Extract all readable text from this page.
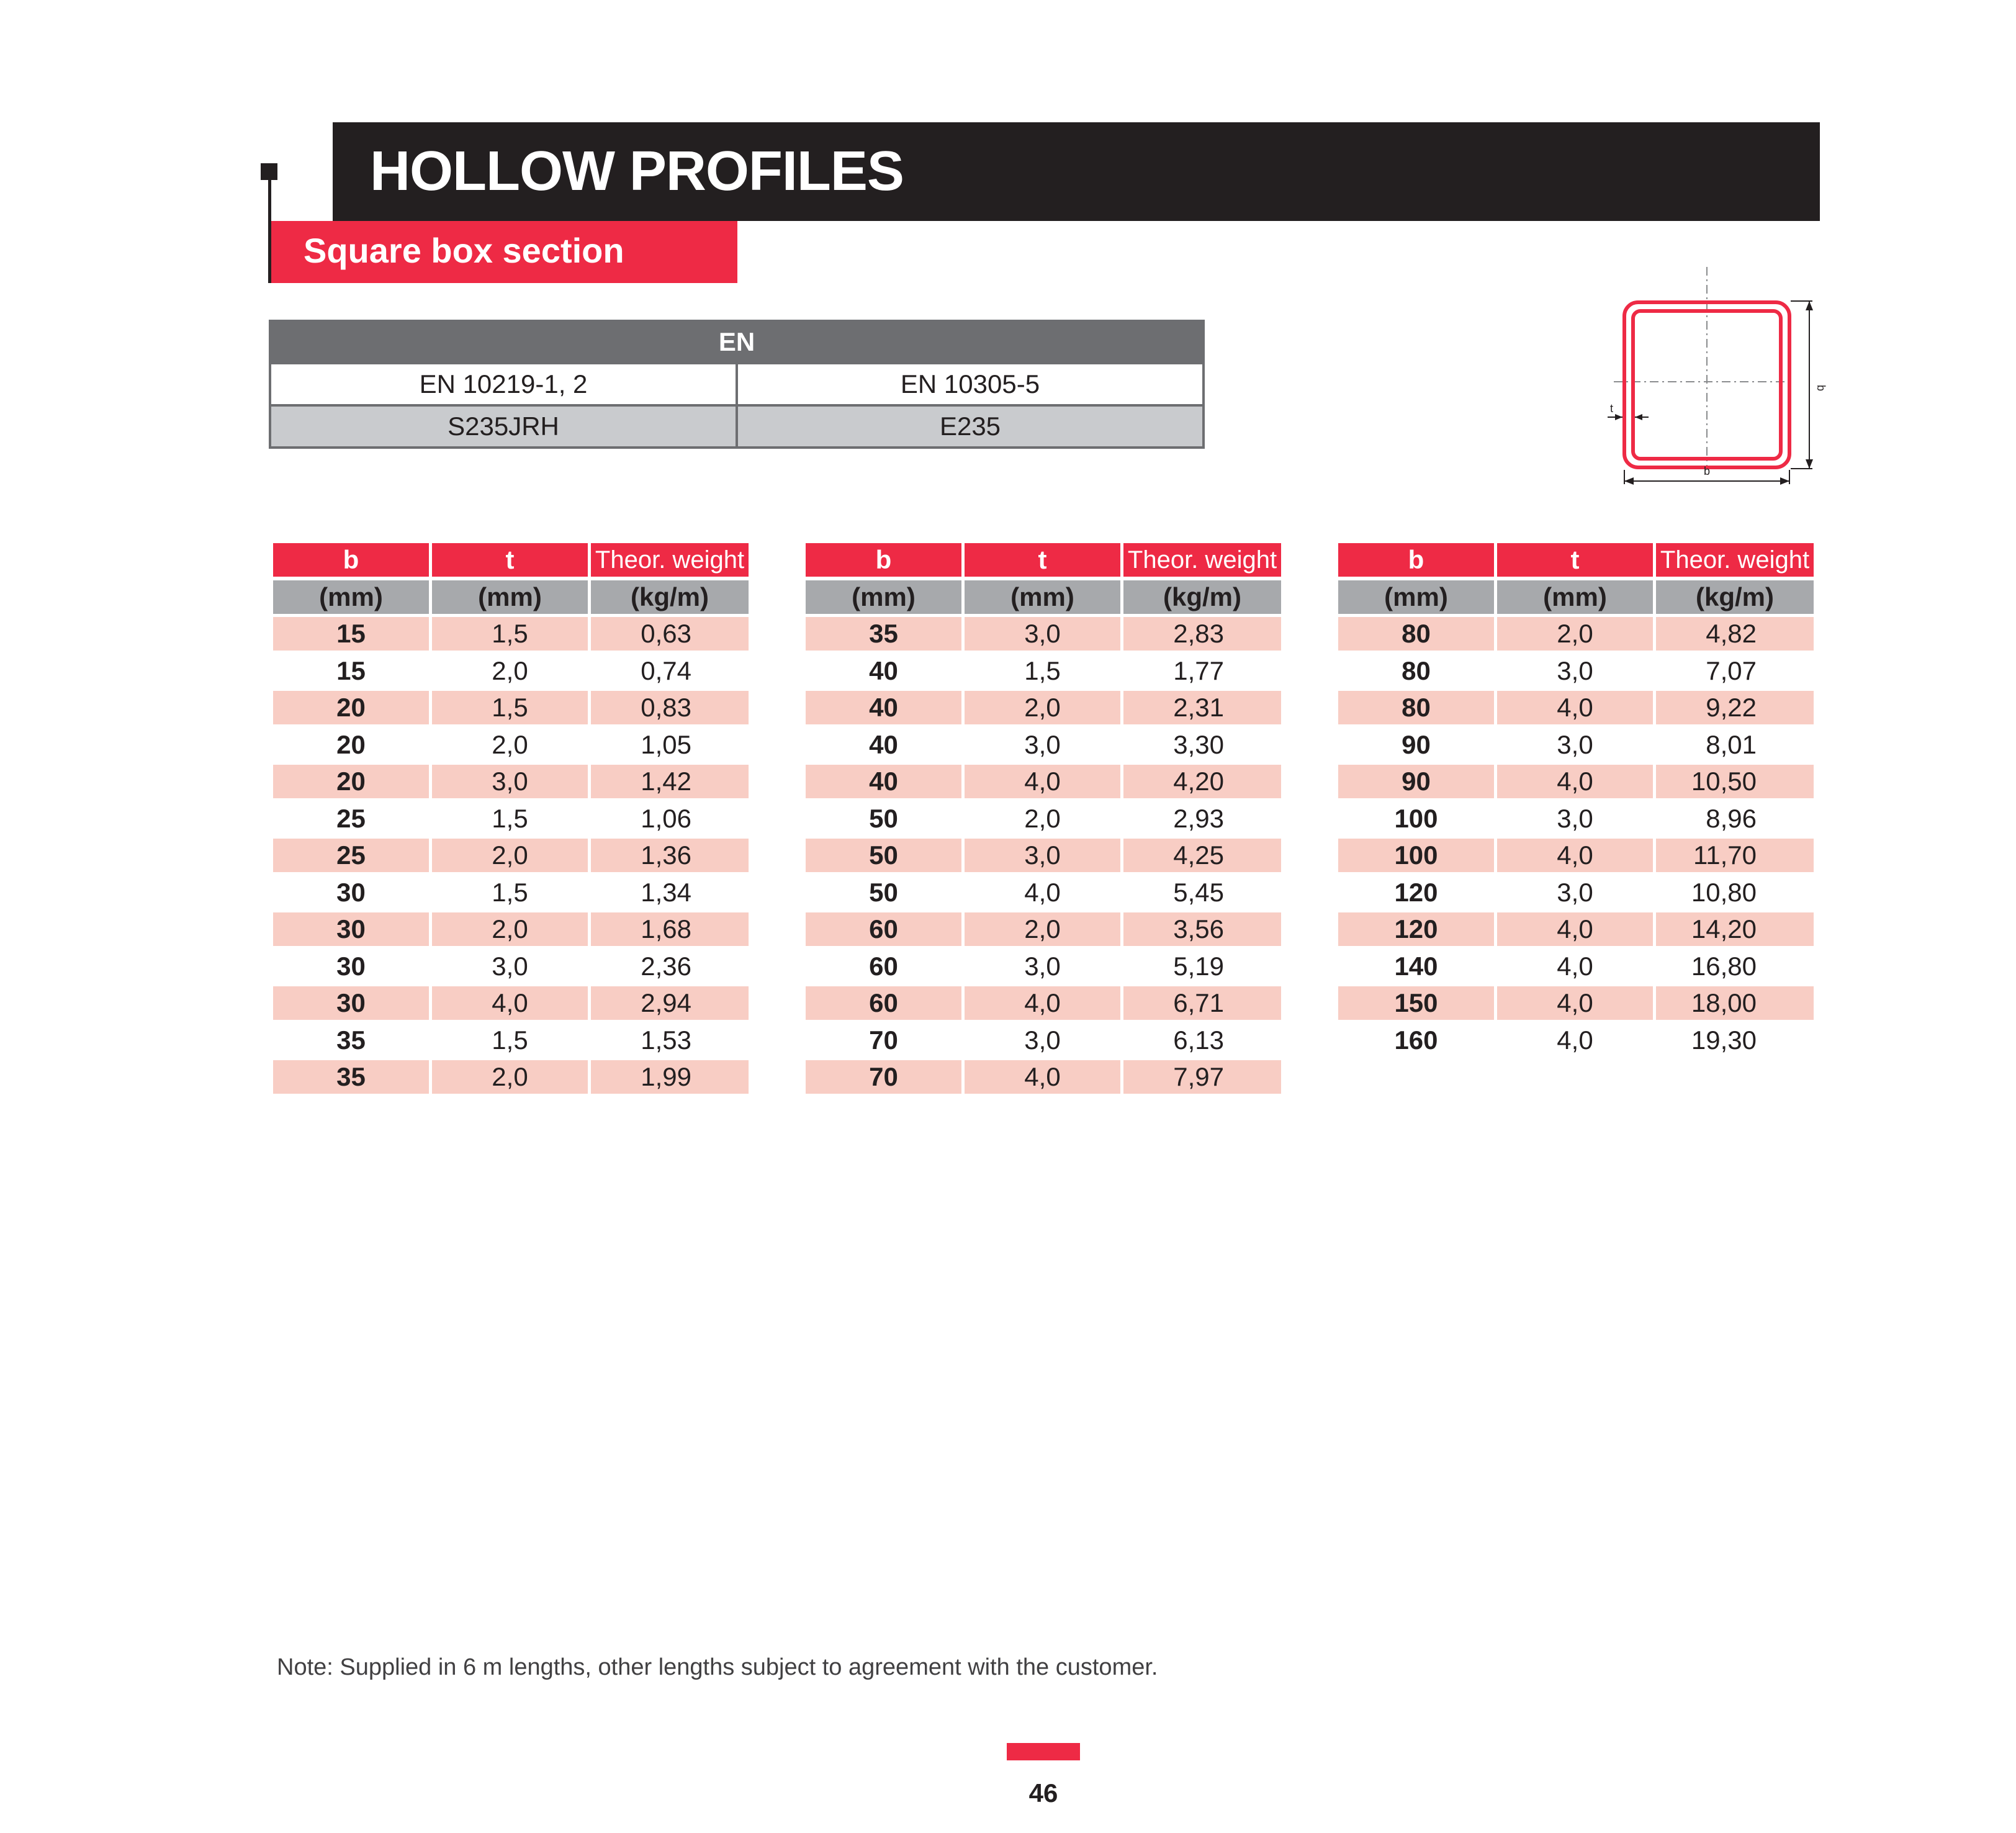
HOLLOW PROFILES
Square box section
EN
EN 10219-1, 2	EN 10305-5
S235JRH	E235
b
b
t
b	t	Theor. weight
(mm)	(mm)	(kg/m)
15	1,5	0,63
15	2,0	0,74
20	1,5	0,83
20	2,0	1,05
20	3,0	1,42
25	1,5	1,06
25	2,0	1,36
30	1,5	1,34
30	2,0	1,68
30	3,0	2,36
30	4,0	2,94
35	1,5	1,53
35	2,0	1,99
b	t	Theor. weight
(mm)	(mm)	(kg/m)
35	3,0	2,83
40	1,5	1,77
40	2,0	2,31
40	3,0	3,30
40	4,0	4,20
50	2,0	2,93
50	3,0	4,25
50	4,0	5,45
60	2,0	3,56
60	3,0	5,19
60	4,0	6,71
70	3,0	6,13
70	4,0	7,97
b	t	Theor. weight
(mm)	(mm)	(kg/m)
80	2,0	4,82
80	3,0	7,07
80	4,0	9,22
90	3,0	8,01
90	4,0	10,50
100	3,0	8,96
100	4,0	11,70
120	3,0	10,80
120	4,0	14,20
140	4,0	16,80
150	4,0	18,00
160	4,0	19,30
Note: Supplied in 6 m lengths, other lengths subject to agreement with the customer.
46
